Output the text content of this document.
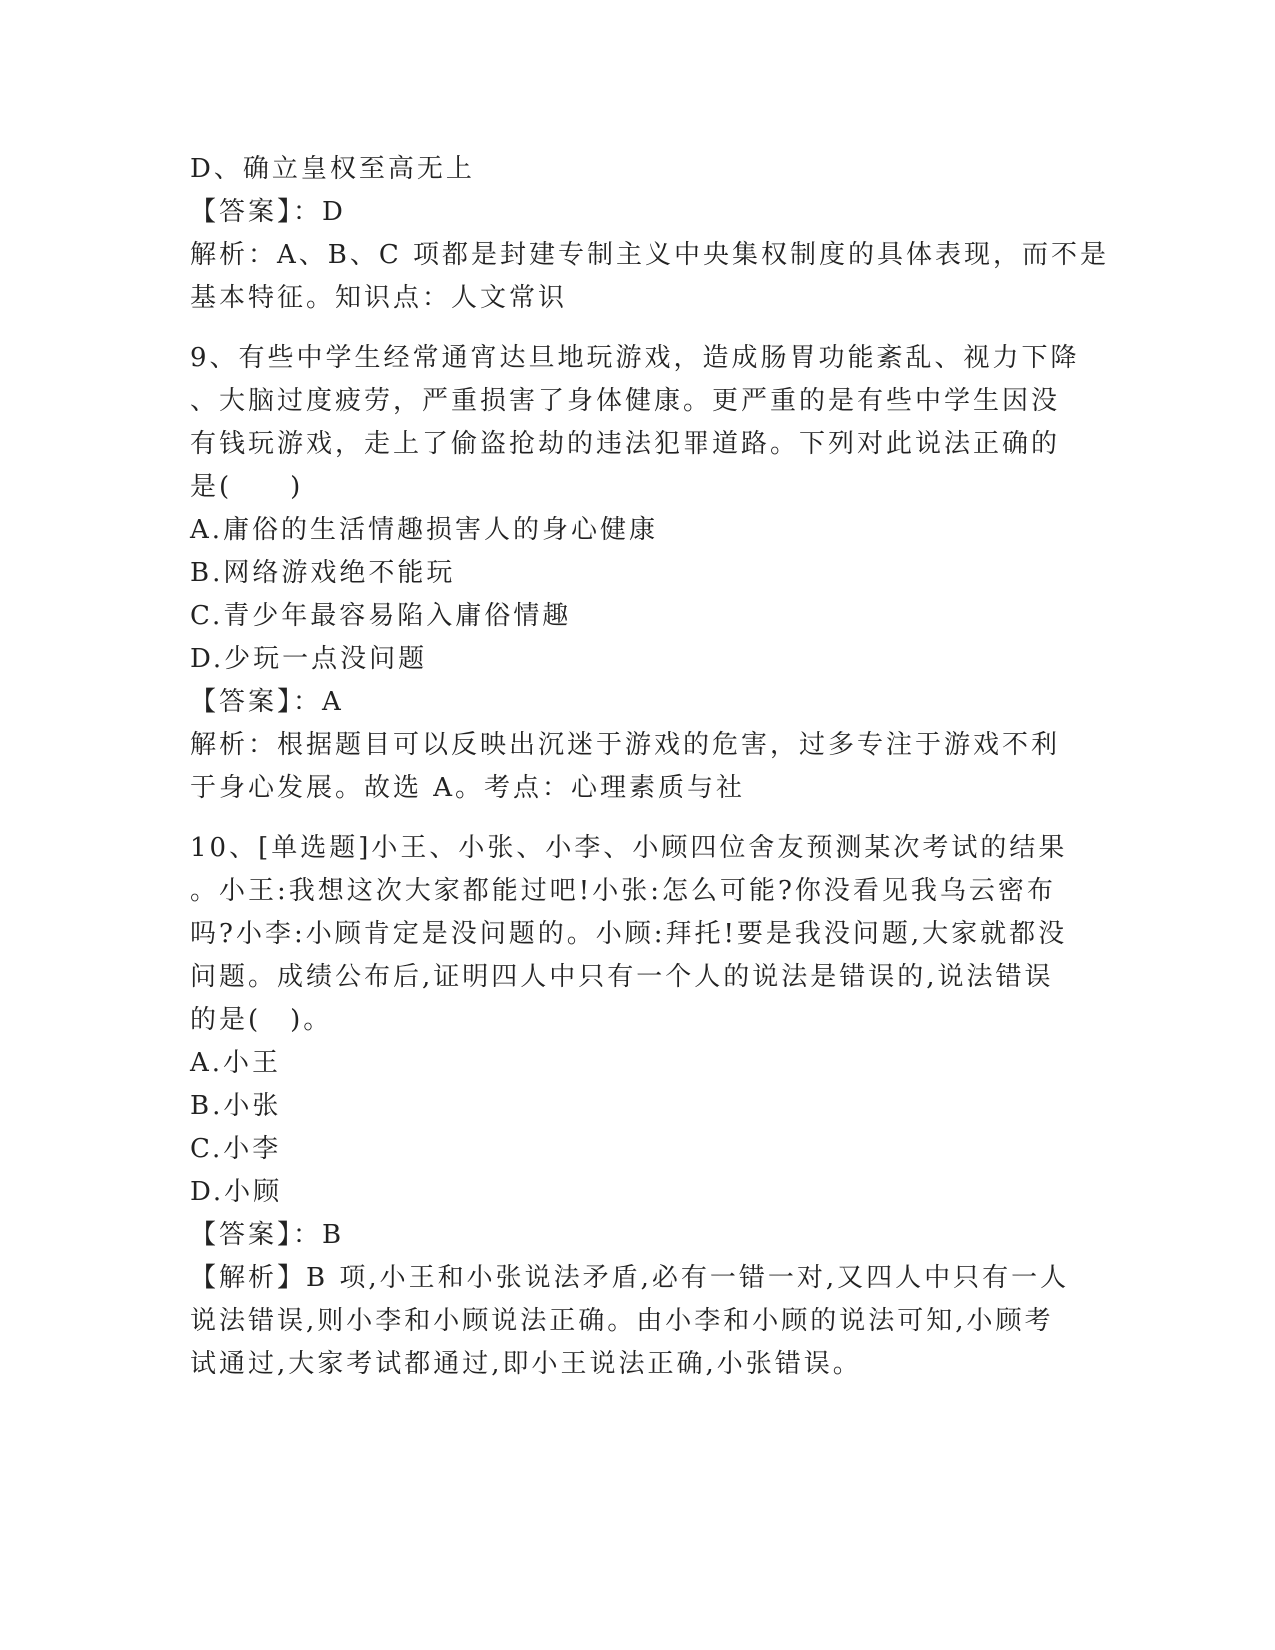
D、确立皇权至高无上
【答案】：D
解析：A、B、C 项都是封建专制主义中央集权制度的具体表现，而不是
基本特征。知识点：人文常识
9、有些中学生经常通宵达旦地玩游戏，造成肠胃功能紊乱、视力下降
、大脑过度疲劳，严重损害了身体健康。更严重的是有些中学生因没
有钱玩游戏，走上了偷盗抢劫的违法犯罪道路。下列对此说法正确的
是(　　)
A.庸俗的生活情趣损害人的身心健康
B.网络游戏绝不能玩
C.青少年最容易陷入庸俗情趣
D.少玩一点没问题
【答案】：A
解析：根据题目可以反映出沉迷于游戏的危害，过多专注于游戏不利
于身心发展。故选 A。考点：心理素质与社
10、[单选题]小王、小张、小李、小顾四位舍友预测某次考试的结果
。小王:我想这次大家都能过吧!小张:怎么可能?你没看见我乌云密布
吗?小李:小顾肯定是没问题的。小顾:拜托!要是我没问题,大家就都没
问题。成绩公布后,证明四人中只有一个人的说法是错误的,说法错误
的是(　)。
A.小王
B.小张
C.小李
D.小顾
【答案】：B
【解析】B 项,小王和小张说法矛盾,必有一错一对,又四人中只有一人
说法错误,则小李和小顾说法正确。由小李和小顾的说法可知,小顾考
试通过,大家考试都通过,即小王说法正确,小张错误。
